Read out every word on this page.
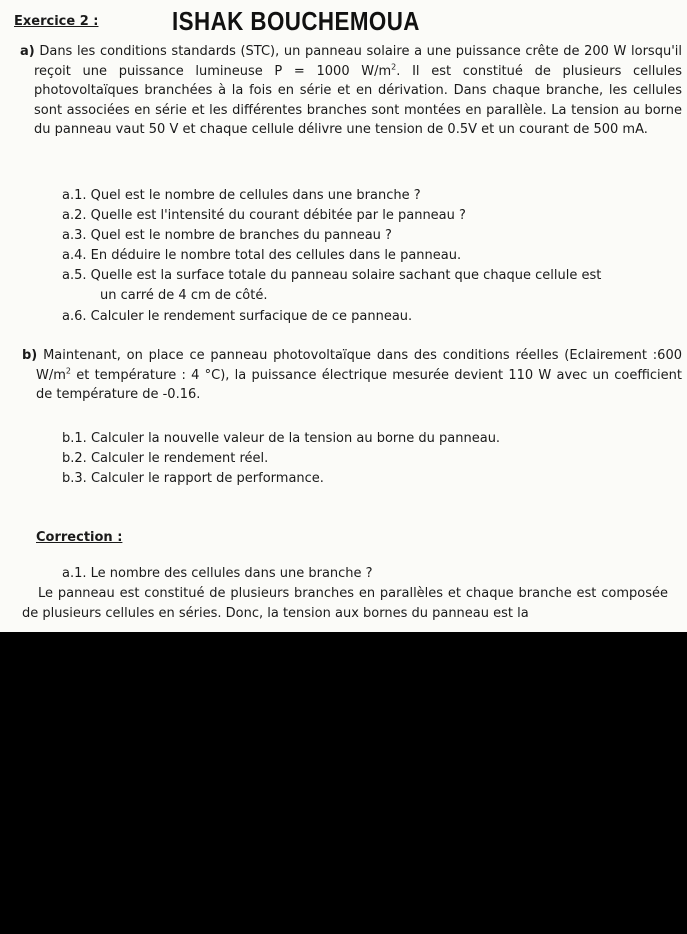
Exercice 2 :	ISHAK BOUCHEMOUA
a) Dans les conditions standards (STC), un panneau solaire a une puissance crête de 200 W lorsqu'il reçoit une puissance lumineuse P = 1000 $W/m^2$. Il est constitué de plusieurs cellules photovoltaïques branchées à la fois en série et en dérivation. Dans chaque branche, les cellules sont associées en série et les différentes branches sont montées en parallèle. La tension au borne du panneau vaut 50 V et chaque cellule délivre une tension de 0.5V et un courant de 500 mA.
a.1. Quel est le nombre de cellules dans une branche ?
a.2. Quelle est l'intensité du courant débitée par le panneau ?
a.3. Quel est le nombre de branches du panneau ?
a.4. En déduire le nombre total des cellules dans le panneau.
a.5. Quelle est la surface totale du panneau solaire sachant que chaque cellule est
un carré de 4 cm de côté.
a.6. Calculer le rendement surfacique de ce panneau.
b) Maintenant, on place ce panneau photovoltaïque dans des conditions réelles (Eclairement :600 $W/m^2$ et température : 4 °C), la puissance électrique mesurée devient 110 W avec un coefficient de température de -0.16.
b.1. Calculer la nouvelle valeur de la tension au borne du panneau.
b.2. Calculer le rendement réel.
b.3. Calculer le rapport de performance.
Correction :
a.1. Le nombre des cellules dans une branche ?
Le panneau est constitué de plusieurs branches en parallèles et chaque branche est composée de plusieurs cellules en séries. Donc, la tension aux bornes du panneau est la
